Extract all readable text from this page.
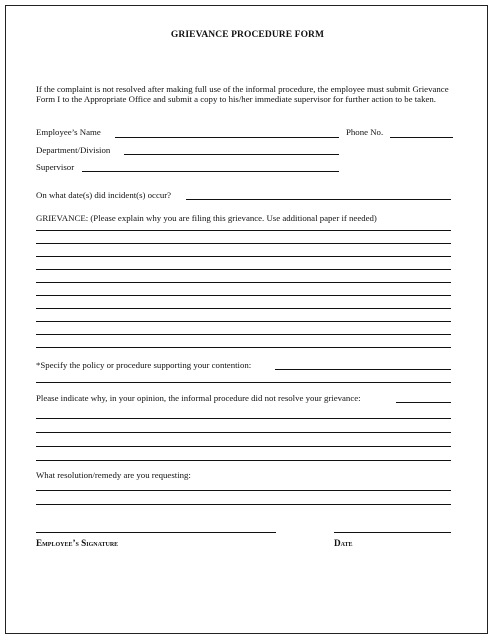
GRIEVANCE PROCEDURE FORM

If the complaint is not resolved after making full use of the informal procedure, the employee must submit Grievance Form I to the Appropriate Office and submit a copy to his/her immediate supervisor for further action to be taken.

Employee’s Name	Phone No.
Department/Division
Supervisor
On what date(s) did incident(s) occur?
GRIEVANCE: (Please explain why you are filing this grievance. Use additional paper if needed)
*Specify the policy or procedure supporting your contention:
Please indicate why, in your opinion, the informal procedure did not resolve your grievance:
What resolution/remedy are you requesting:
Employee’s Signature	Date
